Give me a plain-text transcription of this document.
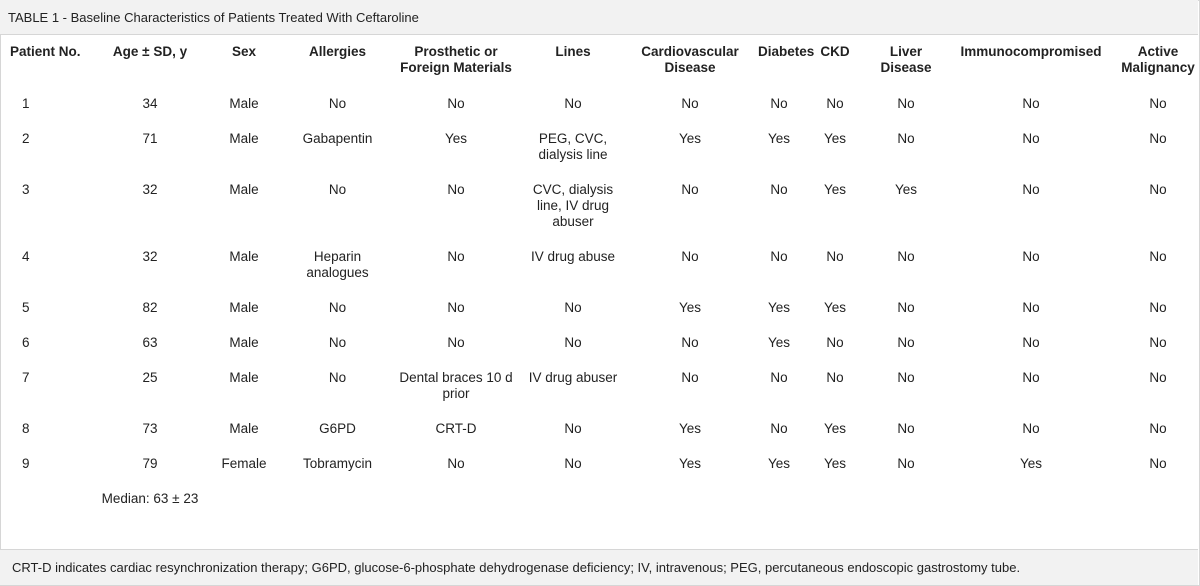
TABLE 1 - Baseline Characteristics of Patients Treated With Ceftaroline
Patient No.	Age ± SD, y	Sex	Allergies	Prosthetic or Foreign Materials	Lines	Cardiovascular Disease	Diabetes	CKD	Liver Disease	Immunocompromised	Active Malignancy
1	34	Male	No	No	No	No	No	No	No	No	No
2	71	Male	Gabapentin	Yes	PEG, CVC, dialysis line	Yes	Yes	Yes	No	No	No
3	32	Male	No	No	CVC, dialysis line, IV drug abuser	No	No	Yes	Yes	No	No
4	32	Male	Heparin analogues	No	IV drug abuse	No	No	No	No	No	No
5	82	Male	No	No	No	Yes	Yes	Yes	No	No	No
6	63	Male	No	No	No	No	Yes	No	No	No	No
7	25	Male	No	Dental braces 10 d prior	IV drug abuser	No	No	No	No	No	No
8	73	Male	G6PD	CRT-D	No	Yes	No	Yes	No	No	No
9	79	Female	Tobramycin	No	No	Yes	Yes	Yes	No	Yes	No
	Median: 63 ± 23										
CRT-D indicates cardiac resynchronization therapy; G6PD, glucose-6-phosphate dehydrogenase deficiency; IV, intravenous; PEG, percutaneous endoscopic gastrostomy tube.
